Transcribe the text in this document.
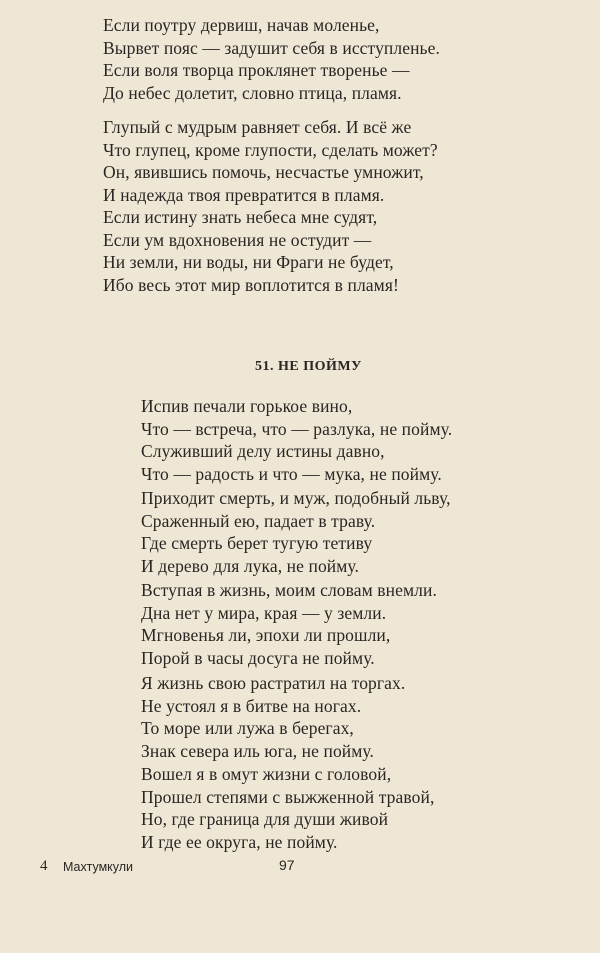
Если поутру дервиш, начав моленье,
Вырвет пояс — задушит себя в исступленье.
Если воля творца проклянет творенье —
До небес долетит, словно птица, пламя.
Глупый с мудрым равняет себя. И всё же
Что глупец, кроме глупости, сделать может?
Он, явившись помочь, несчастье умножит,
И надежда твоя превратится в пламя.
Если истину знать небеса мне судят,
Если ум вдохновения не остудит —
Ни земли, ни воды, ни Фраги не будет,
Ибо весь этот мир воплотится в пламя!
51. НЕ ПОЙМУ
Испив печали горькое вино,
Что — встреча, что — разлука, не пойму.
Служивший делу истины давно,
Что — радость и что — мука, не пойму.
Приходит смерть, и муж, подобный льву,
Сраженный ею, падает в траву.
Где смерть берет тугую тетиву
И дерево для лука, не пойму.
Вступая в жизнь, моим словам внемли.
Дна нет у мира, края — у земли.
Мгновенья ли, эпохи ли прошли,
Порой в часы досуга не пойму.
Я жизнь свою растратил на торгах.
Не устоял я в битве на ногах.
То море или лужа в берегах,
Знак севера иль юга, не пойму.
Вошел я в омут жизни с головой,
Прошел степями с выжженной травой,
Но, где граница для души живой
И где ее округа, не пойму.
4 Махтумкули	97
